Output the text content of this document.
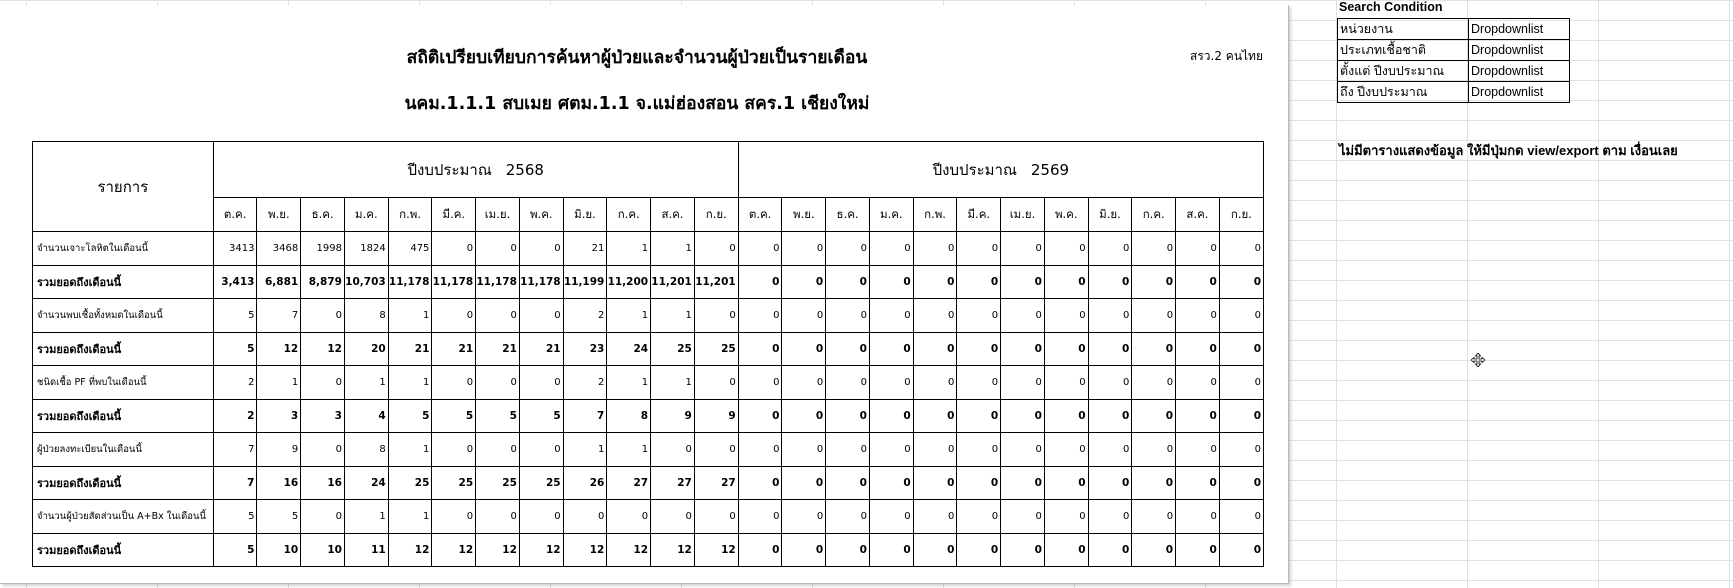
สถิติเปรียบเทียบการค้นหาผู้ป่วยและจำนวนผู้ป่วยเป็นรายเดือน
นคม.1.1.1 สบเมย ศตม.1.1 จ.แม่ฮ่องสอน สคร.1 เชียงใหม่
สรว.2 คนไทย
รายการ	ปีงบประมาณ 2568												ปีงบประมาณ 2569											
	ต.ค.	พ.ย.	ธ.ค.	ม.ค.	ก.พ.	มี.ค.	เม.ย.	พ.ค.	มิ.ย.	ก.ค.	ส.ค.	ก.ย.	ต.ค.	พ.ย.	ธ.ค.	ม.ค.	ก.พ.	มี.ค.	เม.ย.	พ.ค.	มิ.ย.	ก.ค.	ส.ค.	ก.ย.
จำนวนเจาะโลหิตในเดือนนี้	3413	3468	1998	1824	475	0	0	0	21	1	1	0	0	0	0	0	0	0	0	0	0	0	0	0
รวมยอดถึงเดือนนี้	3,413	6,881	8,879	10,703	11,178	11,178	11,178	11,178	11,199	11,200	11,201	11,201	0	0	0	0	0	0	0	0	0	0	0	0
จำนวนพบเชื้อทั้งหมดในเดือนนี้	5	7	0	8	1	0	0	0	2	1	1	0	0	0	0	0	0	0	0	0	0	0	0	0
รวมยอดถึงเดือนนี้	5	12	12	20	21	21	21	21	23	24	25	25	0	0	0	0	0	0	0	0	0	0	0	0
ชนิดเชื้อ PF ที่พบในเดือนนี้	2	1	0	1	1	0	0	0	2	1	1	0	0	0	0	0	0	0	0	0	0	0	0	0
รวมยอดถึงเดือนนี้	2	3	3	4	5	5	5	5	7	8	9	9	0	0	0	0	0	0	0	0	0	0	0	0
ผู้ป่วยลงทะเบียนในเดือนนี้	7	9	0	8	1	0	0	0	1	1	0	0	0	0	0	0	0	0	0	0	0	0	0	0
รวมยอดถึงเดือนนี้	7	16	16	24	25	25	25	25	26	27	27	27	0	0	0	0	0	0	0	0	0	0	0	0
จำนวนผู้ป่วยสัดส่วนเป็น A+Bx ในเดือนนี้	5	5	0	1	1	0	0	0	0	0	0	0	0	0	0	0	0	0	0	0	0	0	0	0
รวมยอดถึงเดือนนี้	5	10	10	11	12	12	12	12	12	12	12	12	0	0	0	0	0	0	0	0	0	0	0	0
Search Condition
หน่วยงาน	Dropdownlist
ประเภทเชื้อชาติ	Dropdownlist
ตั้งแต่ ปีงบประมาณ	Dropdownlist
ถึง ปีงบประมาณ	Dropdownlist
ไม่มีตารางแสดงข้อมูล ให้มีปุ่มกด view/export ตาม เงื่อนเลย
